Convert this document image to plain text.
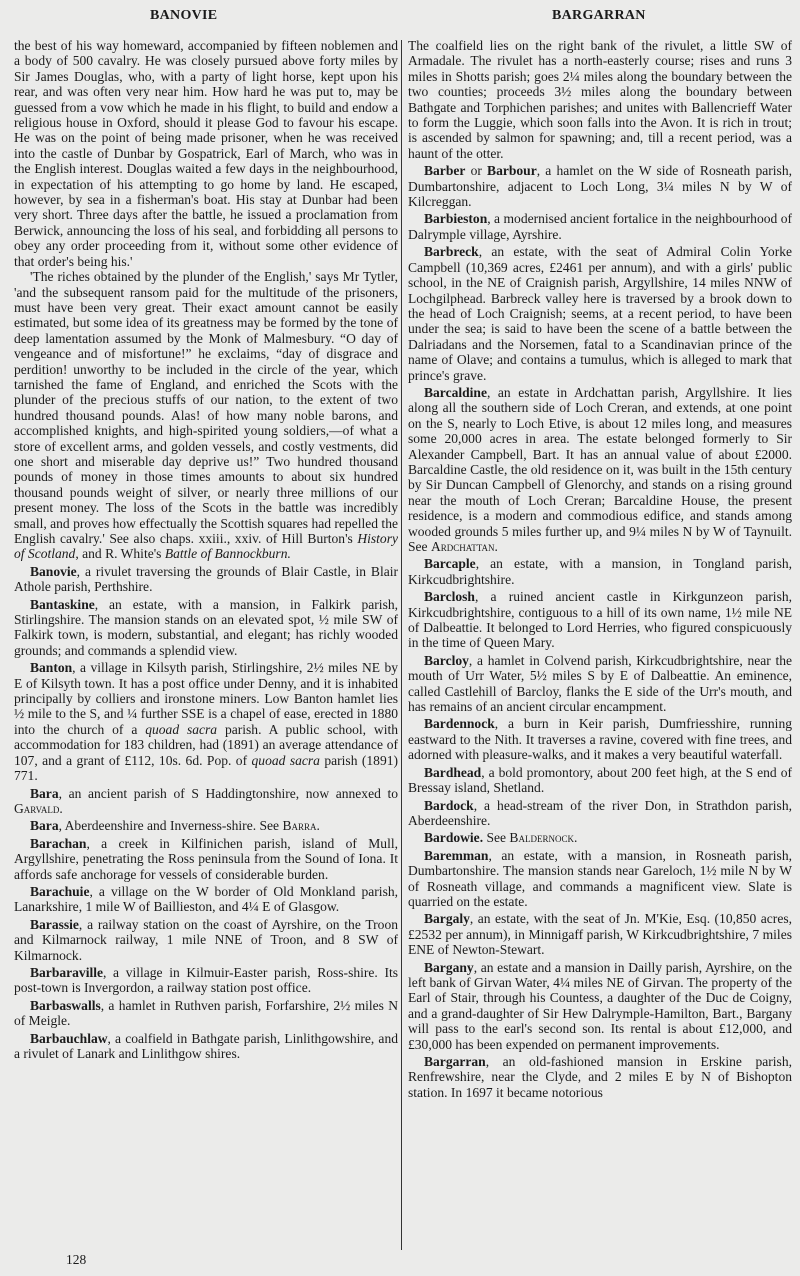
BANOVIE	BARGARRAN

the best of his way homeward, accompanied by fifteen noblemen and a body of 500 cavalry. He was closely pursued above forty miles by Sir James Douglas, who, with a party of light horse, kept upon his rear, and was often very near him. How hard he was put to, may be guessed from a vow which he made in his flight, to build and endow a religious house in Oxford, should it please God to favour his escape. He was on the point of being made prisoner, when he was received into the castle of Dunbar by Gospatrick, Earl of March, who was in the English interest. Douglas waited a few days in the neighbourhood, in expectation of his attempting to go home by land. He escaped, however, by sea in a fisherman's boat. His stay at Dunbar had been very short. Three days after the battle, he issued a proclamation from Berwick, announcing the loss of his seal, and forbidding all persons to obey any order proceeding from it, without some other evidence of that order's being his.'

'The riches obtained by the plunder of the English,' says Mr Tytler, 'and the subsequent ransom paid for the multitude of the prisoners, must have been very great. Their exact amount cannot be easily estimated, but some idea of its greatness may be formed by the tone of deep lamentation assumed by the Monk of Malmesbury. “O day of vengeance and of misfortune!” he exclaims, “day of disgrace and perdition! unworthy to be included in the circle of the year, which tarnished the fame of England, and enriched the Scots with the plunder of the precious stuffs of our nation, to the extent of two hundred thousand pounds. Alas! of how many noble barons, and accomplished knights, and high-spirited young soldiers,—of what a store of excellent arms, and golden vessels, and costly vestments, did one short and miserable day deprive us!” Two hundred thousand pounds of money in those times amounts to about six hundred thousand pounds weight of silver, or nearly three millions of our present money. The loss of the Scots in the battle was incredibly small, and proves how effectually the Scottish squares had repelled the English cavalry.' See also chaps. xxiii., xxiv. of Hill Burton's History of Scotland, and R. White's Battle of Bannockburn.

Banovie, a rivulet traversing the grounds of Blair Castle, in Blair Athole parish, Perthshire.

Bantaskine, an estate, with a mansion, in Falkirk parish, Stirlingshire. The mansion stands on an elevated spot, ½ mile SW of Falkirk town, is modern, substantial, and elegant; has richly wooded grounds; and commands a splendid view.

Banton, a village in Kilsyth parish, Stirlingshire, 2½ miles NE by E of Kilsyth town. It has a post office under Denny, and it is inhabited principally by colliers and ironstone miners. Low Banton hamlet lies ½ mile to the S, and ¼ further SSE is a chapel of ease, erected in 1880 into the church of a quoad sacra parish. A public school, with accommodation for 183 children, had (1891) an average attendance of 107, and a grant of £112, 10s. 6d. Pop. of quoad sacra parish (1891) 771.

Bara, an ancient parish of S Haddingtonshire, now annexed to Garvald.

Bara, Aberdeenshire and Inverness-shire. See Barra.

Barachan, a creek in Kilfinichen parish, island of Mull, Argyllshire, penetrating the Ross peninsula from the Sound of Iona. It affords safe anchorage for vessels of considerable burden.

Barachuie, a village on the W border of Old Monkland parish, Lanarkshire, 1 mile W of Baillieston, and 4¼ E of Glasgow.

Barassie, a railway station on the coast of Ayrshire, on the Troon and Kilmarnock railway, 1 mile NNE of Troon, and 8 SW of Kilmarnock.

Barbaraville, a village in Kilmuir-Easter parish, Ross-shire. Its post-town is Invergordon, a railway station post office.

Barbaswalls, a hamlet in Ruthven parish, Forfarshire, 2½ miles N of Meigle.

Barbauchlaw, a coalfield in Bathgate parish, Linlithgowshire, and a rivulet of Lanark and Linlithgow shires.

The coalfield lies on the right bank of the rivulet, a little SW of Armadale. The rivulet has a north-easterly course; rises and runs 3 miles in Shotts parish; goes 2¼ miles along the boundary between the two counties; proceeds 3½ miles along the boundary between Bathgate and Torphichen parishes; and unites with Ballencrieff Water to form the Luggie, which soon falls into the Avon. It is rich in trout; is ascended by salmon for spawning; and, till a recent period, was a haunt of the otter.

Barber or Barbour, a hamlet on the W side of Rosneath parish, Dumbartonshire, adjacent to Loch Long, 3¼ miles N by W of Kilcreggan.

Barbieston, a modernised ancient fortalice in the neighbourhood of Dalrymple village, Ayrshire.

Barbreck, an estate, with the seat of Admiral Colin Yorke Campbell (10,369 acres, £2461 per annum), and with a girls' public school, in the NE of Craignish parish, Argyllshire, 14 miles NNW of Lochgilphead. Barbreck valley here is traversed by a brook down to the head of Loch Craignish; seems, at a recent period, to have been under the sea; is said to have been the scene of a battle between the Dalriadans and the Norsemen, fatal to a Scandinavian prince of the name of Olave; and contains a tumulus, which is alleged to mark that prince's grave.

Barcaldine, an estate in Ardchattan parish, Argyllshire. It lies along all the southern side of Loch Creran, and extends, at one point on the S, nearly to Loch Etive, is about 12 miles long, and measures some 20,000 acres in area. The estate belonged formerly to Sir Alexander Campbell, Bart. It has an annual value of about £2000. Barcaldine Castle, the old residence on it, was built in the 15th century by Sir Duncan Campbell of Glenorchy, and stands on a rising ground near the mouth of Loch Creran; Barcaldine House, the present residence, is a modern and commodious edifice, and stands among wooded grounds 5 miles further up, and 9¼ miles N by W of Taynuilt. See Ardchattan.

Barcaple, an estate, with a mansion, in Tongland parish, Kirkcudbrightshire.

Barclosh, a ruined ancient castle in Kirkgunzeon parish, Kirkcudbrightshire, contiguous to a hill of its own name, 1½ mile NE of Dalbeattie. It belonged to Lord Herries, who figured conspicuously in the time of Queen Mary.

Barcloy, a hamlet in Colvend parish, Kirkcudbrightshire, near the mouth of Urr Water, 5½ miles S by E of Dalbeattie. An eminence, called Castlehill of Barcloy, flanks the E side of the Urr's mouth, and has remains of an ancient circular encampment.

Bardennock, a burn in Keir parish, Dumfriesshire, running eastward to the Nith. It traverses a ravine, covered with fine trees, and adorned with pleasure-walks, and it makes a very beautiful waterfall.

Bardhead, a bold promontory, about 200 feet high, at the S end of Bressay island, Shetland.

Bardock, a head-stream of the river Don, in Strathdon parish, Aberdeenshire.

Bardowie. See Baldernock.

Baremman, an estate, with a mansion, in Rosneath parish, Dumbartonshire. The mansion stands near Gareloch, 1½ mile N by W of Rosneath village, and commands a magnificent view. Slate is quarried on the estate.

Bargaly, an estate, with the seat of Jn. M'Kie, Esq. (10,850 acres, £2532 per annum), in Minnigaff parish, W Kirkcudbrightshire, 7 miles ENE of Newton-Stewart.

Bargany, an estate and a mansion in Dailly parish, Ayrshire, on the left bank of Girvan Water, 4¼ miles NE of Girvan. The property of the Earl of Stair, through his Countess, a daughter of the Duc de Coigny, and a grand-daughter of Sir Hew Dalrymple-Hamilton, Bart., Bargany will pass to the earl's second son. Its rental is about £12,000, and £30,000 has been expended on permanent improvements.

Bargarran, an old-fashioned mansion in Erskine parish, Renfrewshire, near the Clyde, and 2 miles E by N of Bishopton station. In 1697 it became notorious

128
